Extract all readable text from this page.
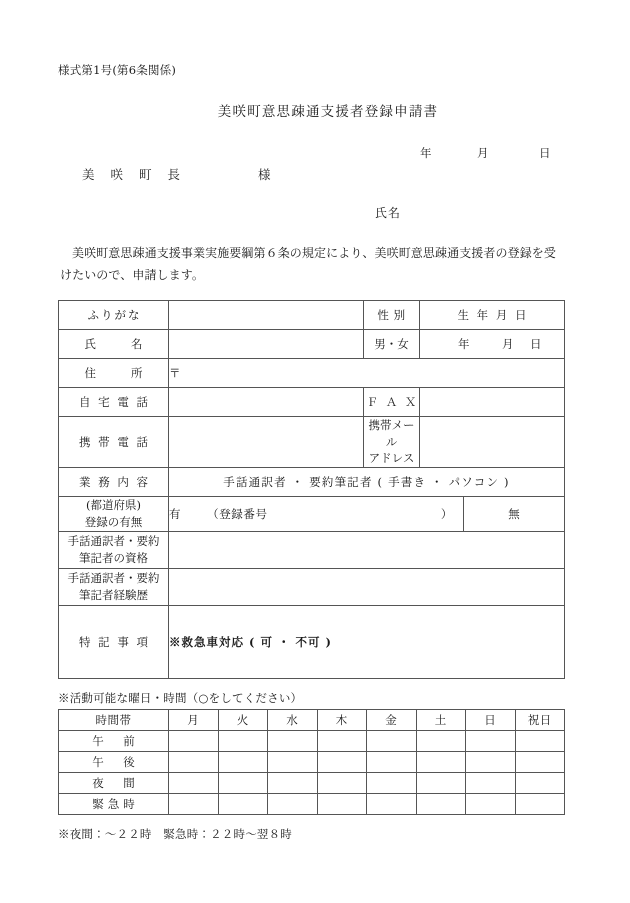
様式第1号(第6条関係)
美咲町意思疎通支援者登録申請書
年	月	日
美 咲 町 長	様
氏名
美咲町意思疎通支援事業実施要綱第６条の規定により、美咲町意思疎通支援者の登録を受けたいので、申請します。
ふりがな		性 別	生 年 月 日	
氏　　名		男・女	年 月 日	
住　　所	〒			
自 宅 電 話		Ｆ Ａ Ｘ		
携 帯 電 話		携帯メール
アドレス		

業 務 内 容	手話通訳者 ・ 要約筆記者 ( 手書き ・ パソコン )			

(都道府県)
登録の有無
	有 （登録番号	）	無

手話通訳者・要約
筆記者の資格				

手話通訳者・要約
筆記者経験歴				

特 記 事 項	※救急車対応 ( 可 ・ 不可 )			
※活動可能な曜日・時間（○をしてください）
時間帯	月	火	水	木	金	土	日	祝日
午　前								
午　後								
夜　間								
緊急時								
※夜間：～２２時　緊急時：２２時～翌８時
